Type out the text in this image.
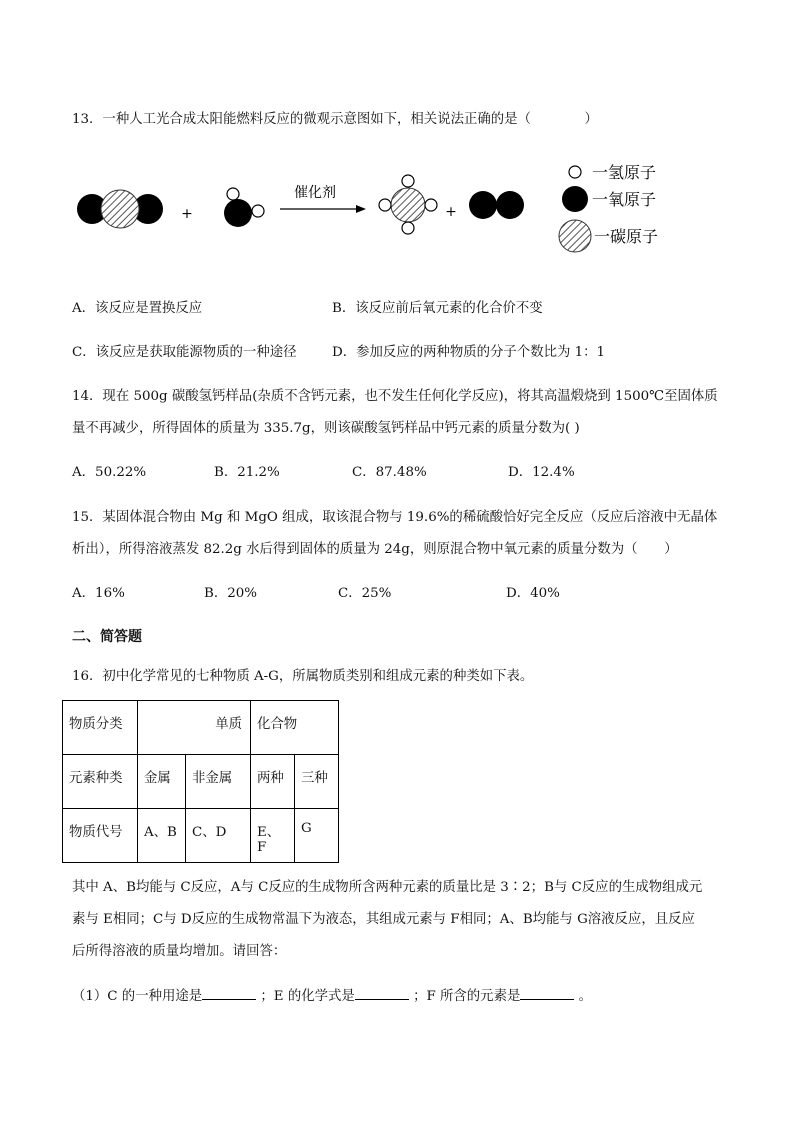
13．一种人工光合成太阳能燃料反应的微观示意图如下，相关说法正确的是（　　　　）
+
催化剂
+
一氢原子
一氧原子
一碳原子
A．该反应是置换反应	B．该反应前后氧元素的化合价不变
C．该反应是获取能源物质的一种途径	D．参加反应的两种物质的分子个数比为 1：1
14．现在 500g 碳酸氢钙样品(杂质不含钙元素，也不发生任何化学反应)，将其高温煅烧到 1500℃至固体质
量不再减少，所得固体的质量为 335.7g，则该碳酸氢钙样品中钙元素的质量分数为( )
A．50.22%	B．21.2%	C．87.48%	D．12.4%
15．某固体混合物由 Mg 和 MgO 组成，取该混合物与 19.6%的稀硫酸恰好完全反应（反应后溶液中无晶体
析出），所得溶液蒸发 82.2g 水后得到固体的质量为 24g，则原混合物中氧元素的质量分数为（　　）
A．16%	B．20%	C．25%	D．40%
二、简答题
16．初中化学常见的七种物质 A-G，所属物质类别和组成元素的种类如下表。
物质分类	单质		化合物	
元素种类	金属	非金属	两种	三种
物质代号	A、B	C、D	E、F	G
其中 A、B均能与 C反应，A与 C反应的生成物所含两种元素的质量比是 3∶2；B与 C反应的生成物组成元
素与 E相同；C与 D反应的生成物常温下为液态，其组成元素与 F相同；A、B均能与 G溶液反应，且反应
后所得溶液的质量均增加。请回答：
（1）C 的一种用途是	；E 的化学式是	；F 所含的元素是	。
